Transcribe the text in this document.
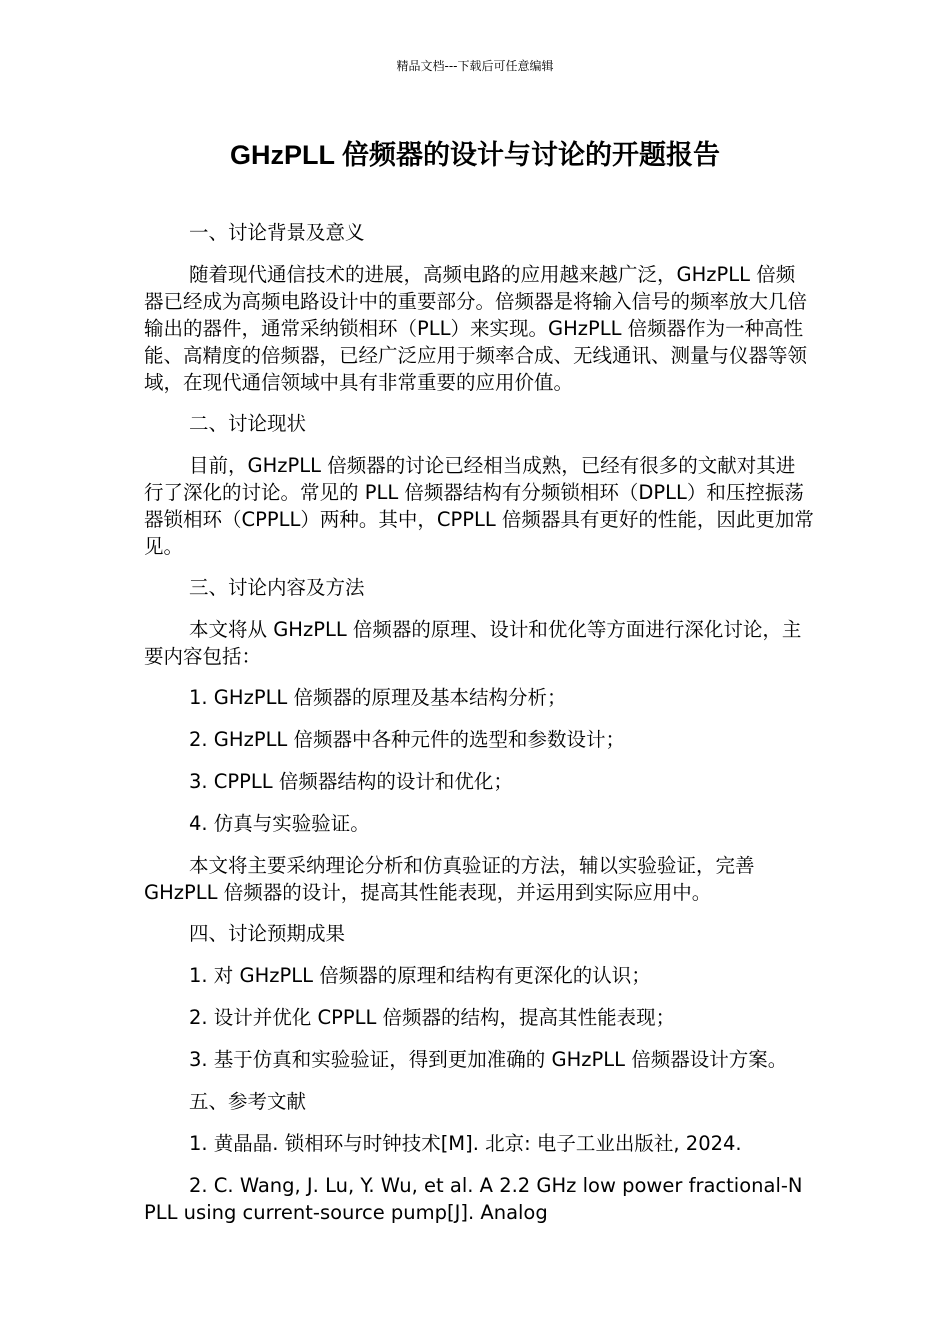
精品文档---下载后可任意编辑
GHzPLL 倍频器的设计与讨论的开题报告

一、讨论背景及意义

随着现代通信技术的进展，高频电路的应用越来越广泛，GHzPLL 倍频器已经成为高频电路设计中的重要部分。倍频器是将输入信号的频率放大几倍输出的器件，通常采纳锁相环（PLL）来实现。GHzPLL 倍频器作为一种高性能、高精度的倍频器，已经广泛应用于频率合成、无线通讯、测量与仪器等领域，在现代通信领域中具有非常重要的应用价值。

二、讨论现状

目前，GHzPLL 倍频器的讨论已经相当成熟，已经有很多的文献对其进行了深化的讨论。常见的 PLL 倍频器结构有分频锁相环（DPLL）和压控振荡器锁相环（CPPLL）两种。其中，CPPLL 倍频器具有更好的性能，因此更加常见。

三、讨论内容及方法

本文将从 GHzPLL 倍频器的原理、设计和优化等方面进行深化讨论，主要内容包括：

1. GHzPLL 倍频器的原理及基本结构分析；

2. GHzPLL 倍频器中各种元件的选型和参数设计；

3. CPPLL 倍频器结构的设计和优化；

4. 仿真与实验验证。

本文将主要采纳理论分析和仿真验证的方法，辅以实验验证，完善 GHzPLL 倍频器的设计，提高其性能表现，并运用到实际应用中。

四、讨论预期成果

1. 对 GHzPLL 倍频器的原理和结构有更深化的认识；

2. 设计并优化 CPPLL 倍频器的结构，提高其性能表现；

3. 基于仿真和实验验证，得到更加准确的 GHzPLL 倍频器设计方案。

五、参考文献

1. 黄晶晶. 锁相环与时钟技术[M]. 北京: 电子工业出版社, 2024.

2. C. Wang, J. Lu, Y. Wu, et al. A 2.2 GHz low power fractional-N PLL using current-source pump[J]. Analog
